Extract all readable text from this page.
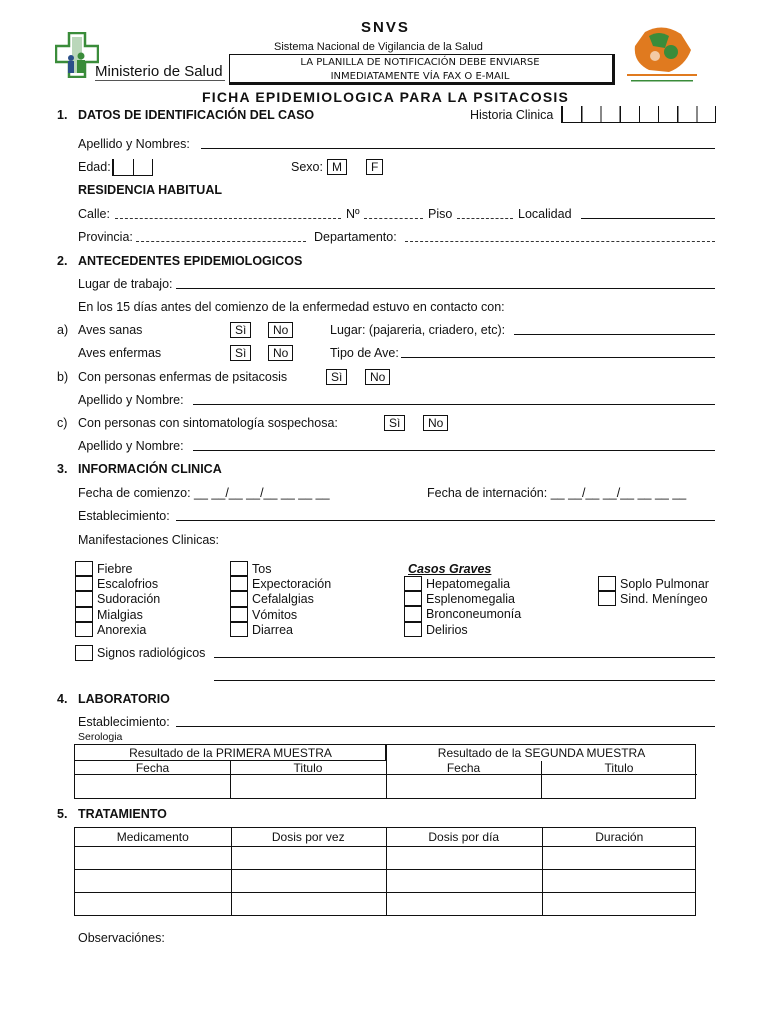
SNVS
Sistema Nacional de Vigilancia de la Salud
LA PLANILLA DE NOTIFICACIÓN DEBE ENVIARSE
INMEDIATAMENTE VÍA FAX O E-MAIL
Ministerio de Salud
FICHA EPIDEMIOLOGICA PARA LA PSITACOSIS
1. DATOS DE IDENTIFICACIÓN DEL CASO	Historia Clinica
Apellido y Nombres:
Edad:	Sexo: M	F
RESIDENCIA HABITUAL
Calle:	Nº	Piso	Localidad
Provincia:	Departamento:
2. ANTECEDENTES EPIDEMIOLOGICOS
Lugar de trabajo:
En los 15 días antes del comienzo de la enfermedad estuvo en contacto con:
a) Aves sanas	Sì	No	Lugar: (pajareria, criadero, etc):
Aves enfermas	Sì	No	Tipo de Ave:
b) Con personas enfermas de psitacosis	Sì	No
Apellido y Nombre:
c) Con personas con sintomatología sospechosa:	Sì	No
Apellido y Nombre:
3. INFORMACIÓN CLINICA
Fecha de comienzo: __ __/__ __/__ __ __ __	Fecha de internación: __ __/__ __/__ __ __ __
Establecimiento:
Manifestaciones Clinicas:
Fiebre
Escalofrios
Sudoración
Mialgias
Anorexia
Tos
Expectoración
Cefalalgias
Vómitos
Diarrea
Casos Graves
Hepatomegalia
Esplenomegalia
Bronconeumonía
Delirios
Soplo Pulmonar
Sind. Meníngeo
Signos radiológicos
4. LABORATORIO
Establecimiento:
Serologia
Resultado de la PRIMERA MUESTRA	Resultado de la SEGUNDA MUESTRA
Fecha	Titulo	Fecha	Titulo
5. TRATAMIENTO
Medicamento	Dosis por vez	Dosis por día	Duración
Observaciónes:
